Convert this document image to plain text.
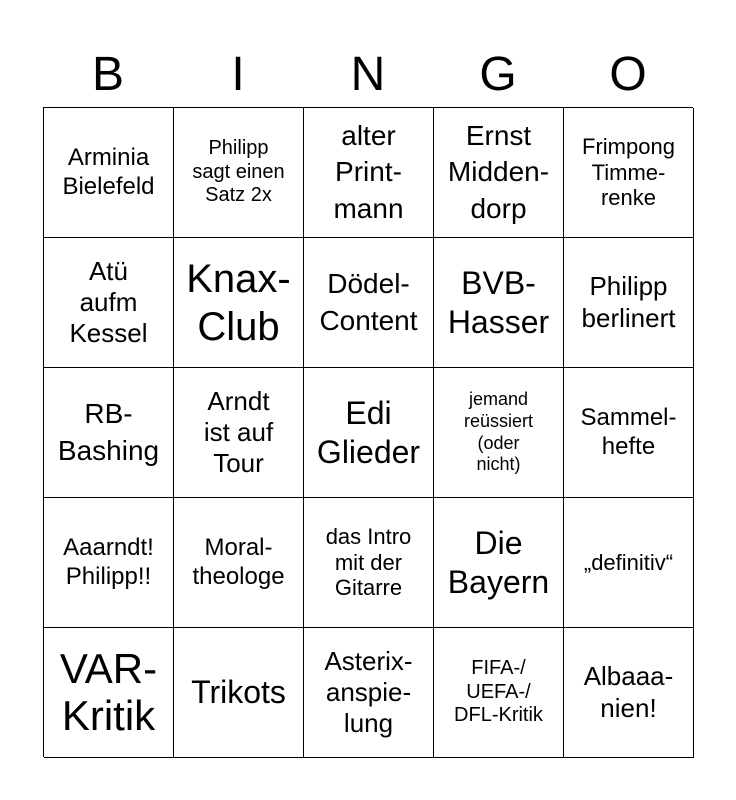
B	I	N	G	O
Arminia
Bielefeld
Philipp
sagt einen
Satz 2x
alter
Print-
mann
Ernst
Midden-
dorp
Frimpong
Timme-
renke
Atü
aufm
Kessel
Knax-
Club
Dödel-
Content
BVB-
Hasser
Philipp
berlinert
RB-
Bashing
Arndt
ist auf
Tour
Edi
Glieder
jemand
reüssiert
(oder
nicht)
Sammel-
hefte
Aaarndt!
Philipp!!
Moral-
theologe
das Intro
mit der
Gitarre
Die
Bayern
„definitiv“
VAR-
Kritik	Trikots
Asterix-
anspie-
lung
FIFA-/
UEFA-/
DFL-Kritik
Albaaa-
nien!
